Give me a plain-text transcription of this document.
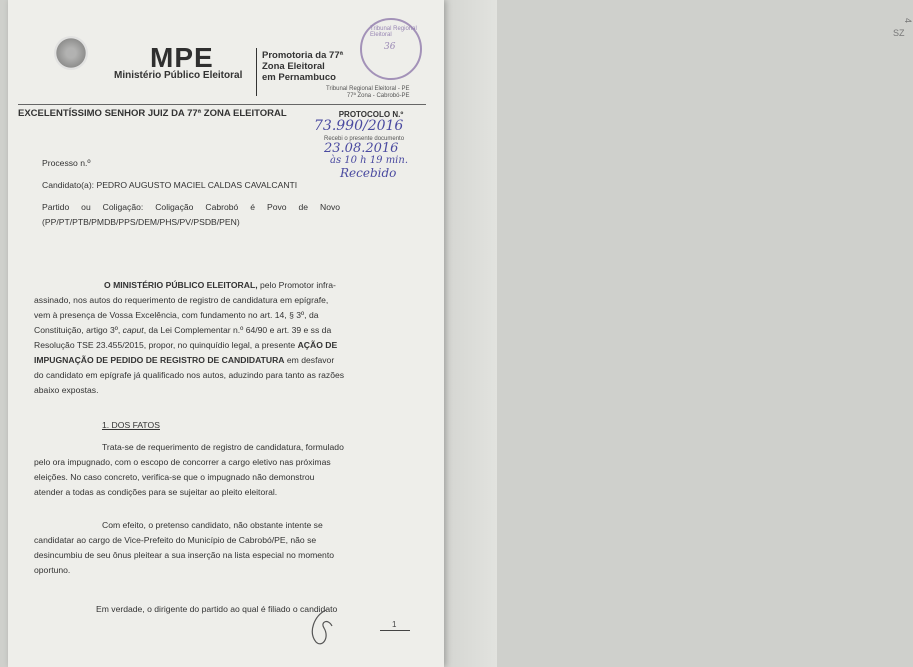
SZ
4
MPE
Ministério Público Eleitoral
Promotoria da 77ª
Zona Eleitoral
em Pernambuco
Tribunal Regional Eleitoral
36
Tribunal Regional Eleitoral - PE
77ª Zona - Cabrobó-PE
EXCELENTÍSSIMO SENHOR JUIZ DA 77ª ZONA ELEITORAL	PROTOCOLO N.º
73.990/2016
Recebi o presente documento
23.08.2016
às 10 h 19 min.
Recebido
Processo n.º
Candidato(a): PEDRO AUGUSTO MACIEL CALDAS CAVALCANTI
Partido     ou     Coligação:     Coligação     Cabrobó     é     Povo     de     Novo
(PP/PT/PTB/PMDB/PPS/DEM/PHS/PV/PSDB/PEN)
O MINISTÉRIO PÚBLICO ELEITORAL, pelo Promotor infra-
assinado, nos autos do requerimento de registro de candidatura em epígrafe,
vem à presença de Vossa Excelência, com fundamento no art. 14, § 3º, da
Constituição, artigo 3º, caput, da Lei Complementar n.º 64/90 e art. 39 e ss da
Resolução TSE 23.455/2015, propor, no quinquídio legal, a presente AÇÃO DE
IMPUGNAÇÃO DE PEDIDO DE REGISTRO DE CANDIDATURA em desfavor
do candidato em epígrafe já qualificado nos autos, aduzindo para tanto as razões
abaixo expostas.
1. DOS FATOS
Trata-se de requerimento de registro de candidatura, formulado
pelo ora impugnado, com o escopo de concorrer a cargo eletivo nas próximas
eleições. No caso concreto, verifica-se que o impugnado não demonstrou
atender a todas as condições para se sujeitar ao pleito eleitoral.
Com efeito, o pretenso candidato, não obstante intente se
candidatar ao cargo de Vice-Prefeito do Município de Cabrobó/PE, não se
desincumbiu de seu ônus pleitear a sua inserção na lista especial no momento
oportuno.
Em verdade, o dirigente do partido ao qual é filiado o candidato
1
